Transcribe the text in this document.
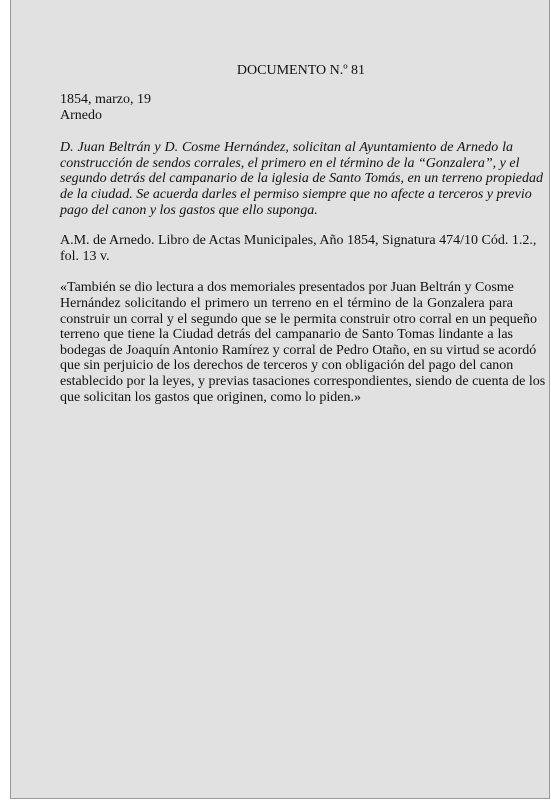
DOCUMENTO N.º 81
1854, marzo, 19
Arnedo
D. Juan Beltrán y D. Cosme Hernández, solicitan al Ayuntamiento de Arnedo la
construcción de sendos corrales, el primero en el término de la “Gonzalera”, y el
segundo detrás del campanario de la iglesia de Santo Tomás, en un terreno propiedad
de la ciudad. Se acuerda darles el permiso siempre que no afecte a terceros y previo
pago del canon y los gastos que ello suponga.
A.M. de Arnedo. Libro de Actas Municipales, Año 1854, Signatura 474/10 Cód. 1.2.,
fol. 13 v.
«También se dio lectura a dos memoriales presentados por Juan Beltrán y Cosme
Hernández solicitando el primero un terreno en el término de la Gonzalera para
construir un corral y el segundo que se le permita construir otro corral en un pequeño
terreno que tiene la Ciudad detrás del campanario de Santo Tomas lindante a las
bodegas de Joaquín Antonio Ramírez y corral de Pedro Otaño, en su virtud se acordó
que sin perjuicio de los derechos de terceros y con obligación del pago del canon
establecido por la leyes, y previas tasaciones correspondientes, siendo de cuenta de los
que solicitan los gastos que originen, como lo piden.»
